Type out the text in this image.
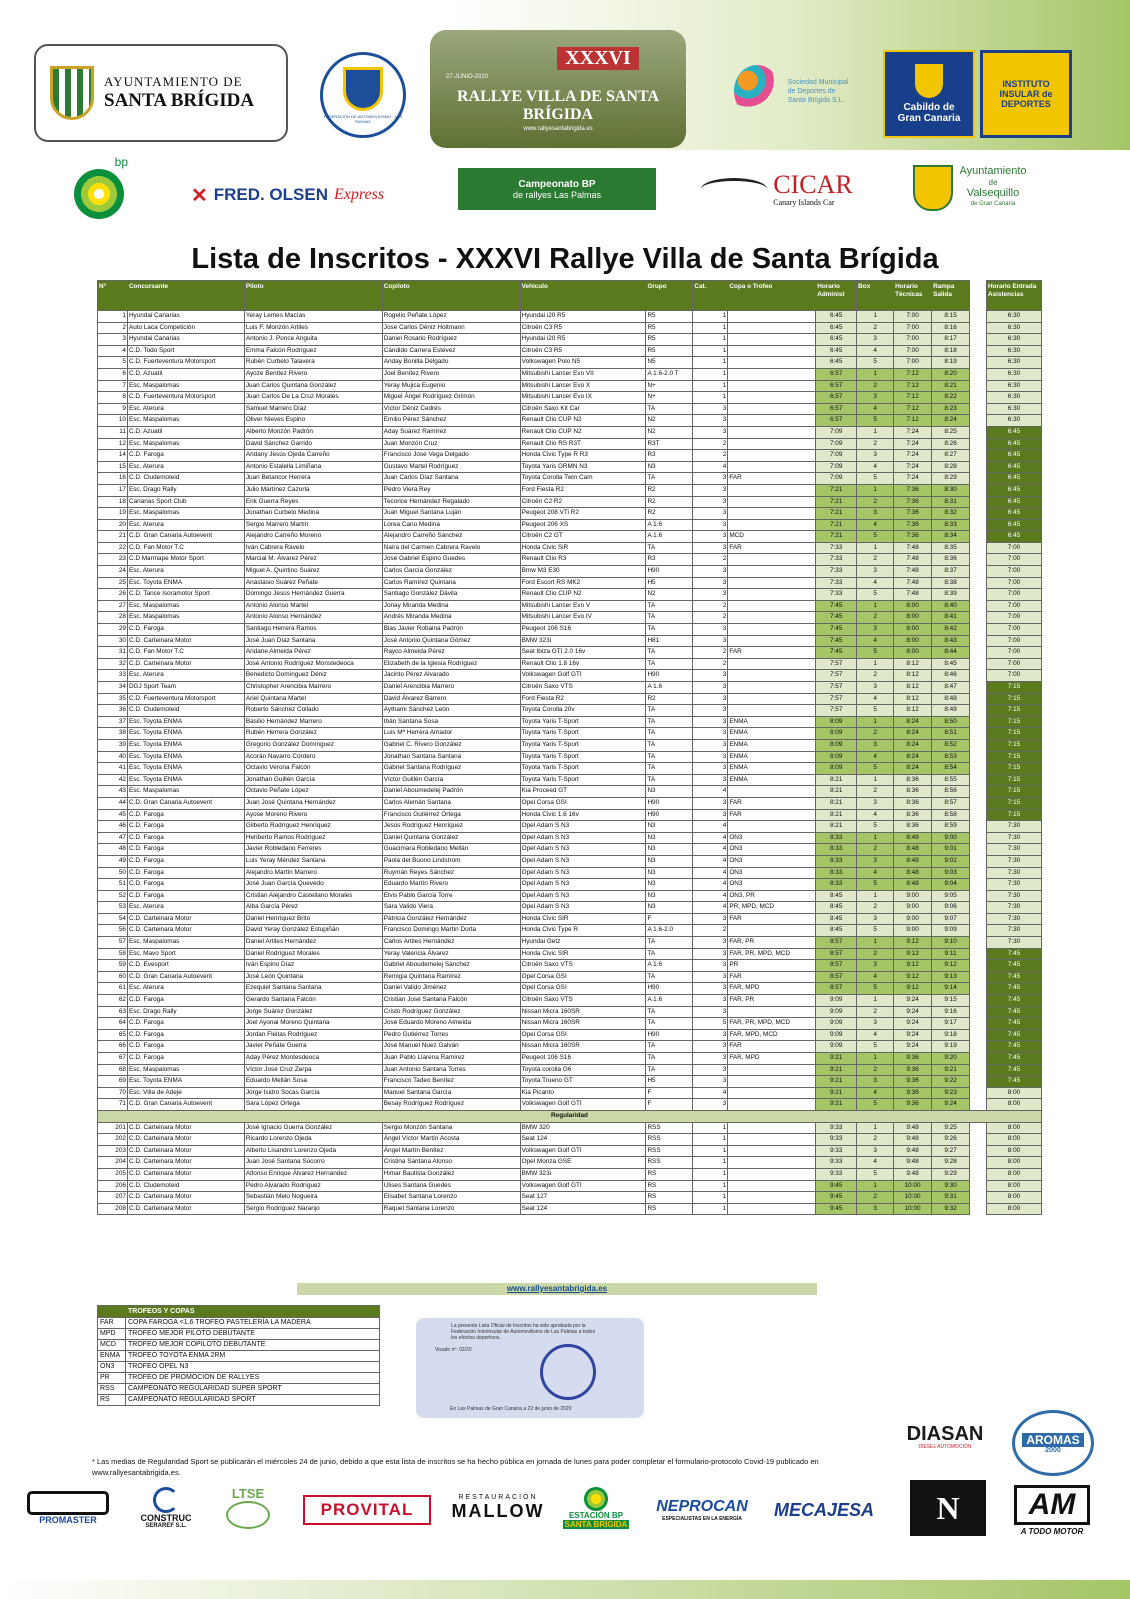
AYUNTAMIENTO DE
SANTA BRÍGIDA
FEDERACIÓN DE AUTOMOVILISMO · LAS PALMAS
XXXVI
27-JUNIO-2020
RALLYE VILLA DE SANTA BRÍGIDA
www.rallyesantabrigida.es
Sociedad Municipal
de Deportes de
Santa Brígida S.L.
Cabildo de
Gran Canaria
INSTITUTO
INSULAR de
DEPORTES
bp
✕ FRED. OLSEN Express
Campeonato BP
de rallyes Las Palmas	CICAR
Canary Islands Car
Ayuntamiento
de
Valsequillo
de Gran Canaria
Lista de Inscritos - XXXVI Rallye Villa de Santa Brígida
Nº	Concursante	Piloto	Copiloto	Vehículo	Grupo	Cat.	Copa o Trofeo	Horario Administ	Box	Horario Técnicas	Rampa Salida		Horario Entrada Asistencias
1	Hyundai Canarias	Yeray Lemes Macías	Rogelio Peñate López	Hyundai i20 R5	R5	1		6:45	1	7:00	8:15		6:30
2	Auto Laca Competición	Luis F. Monzón Artiles	José Carlos Déniz Holtmann	Citroën C3 R5	R5	1		6:45	2	7:00	8:16		6:30
3	Hyundai Canarias	Antonio J. Ponce Anguita	Daniel Rosario Rodríguez	Hyundai i20 R5	R5	1		6:45	3	7:00	8:17		6:30
4	C.D. Todo Sport	Emma Falcón Rodríguez	Cándido Carrera Estévez	Citroën C3 R5	R5	1		6:45	4	7:00	8:18		6:30
5	C.D. Fuerteventura Motorsport	Rubén Curbelo Talavera	Ariday Bonilla Delgado	Volkswagen Polo N5	N5	1		6:45	5	7:00	8:19		6:30
6	C.D. Azuatil	Ayoze Benítez Rivero	Joel Benítez Rivero	Mitsubishi Lancer Evo VII	A 1.6-2.0 T	1		6:57	1	7:12	8:20		6:30
7	Esc. Maspalomas	Juan Carlos Quintana González	Yeray Mujica Eugenio	Mitsubishi Lancer Evo X	N+	1		6:57	2	7:12	8:21		6:30
8	C.D. Fuerteventura Motorsport	Juan Carlos De La Cruz Morales	Miguel Ángel Rodríguez Grimón	Mitsubishi Lancer Evo IX	N+	1		6:57	3	7:12	8:22		6:30
9	Esc. Aterura	Samuel Marrero Díaz	Víctor Déniz Cedrés	Citroën Saxo Kit Car	TA	3		6:57	4	7:12	8:23		6:30
10	Esc. Maspalomas	Oliver Nieves Espino	Emilio Pérez Sánchez	Renault Clio CUP N2	N2	3		6:57	5	7:12	8:24		6:30
11	C.D. Azuatil	Alberto Monzón Padrón	Aday Suárez Ramírez	Renault Clio CUP N2	N2	3		7:09	1	7:24	8:25		6:45
12	Esc. Maspalomas	David Sánchez Garrido	Juan Monzón Cruz	Renault Clio RS R3T	R3T	2		7:09	2	7:24	8:26		6:45
14	C.D. Faroga	Aridany Jesús Ojeda Carreño	Francisco José Vega Delgado	Honda Civic Type R R3	R3	2		7:09	3	7:24	8:27		6:45
15	Esc. Aterura	Antonio Estalella Limiñana	Gustavo Martel Rodríguez	Toyota Yaris GRMN N3	N3	4		7:09	4	7:24	8:28		6:45
16	C.D. Cludemoteid	Juan Betancor Herrera	Juan Carlos Díaz Santana	Toyota Corolla Twin Cam	TA	3	FAR	7:09	5	7:24	8:29		6:45
17	Esc. Drago Rally	Julio Martínez Cazorla	Pedro Viera Rey	Ford Fiesta R2	R2	3		7:21	1	7:36	8:30		6:45
18	Canarias Sport Club	Erik Guerra Reyes	Tecorice Hernández Regalado	Citroën C2 R2	R2	3		7:21	2	7:36	8:31		6:45
19	Esc. Maspalomas	Jonathan Curbelo Medina	Juan Miguel Santana Luján	Peugeot 208 VTi R2	R2	3		7:21	3	7:36	8:32		6:45
20	Esc. Aterura	Sergio Marrero Martín	Lorea Cano Medina	Peugeot 206 XS	A 1.6	3		7:21	4	7:36	8:33		6:45
21	C.D. Gran Canaria Autoevent	Alejandro Carreño Moreno	Alejandro Carreño Sánchez	Citroën C2 GT	A 1.6	3	MCD	7:21	5	7:36	8:34		6:45
22	C.D. Fan Motor T.C	Iván Cabrera Ravelo	Naira del Carmen Cabrera Ravelo	Honda Civic SiR	TA	3	FAR	7:33	1	7:48	8:35		7:00
23	C.D Marmape Motor Sport	Marcial M. Álvarez Pérez	José Gabriel Espino Guedes	Renault Clio R3	R3	2		7:33	2	7:48	8:36		7:00
24	Esc. Aterura	Miguel A. Quintino Suárez	Carlos García González	Bmw M3 E30	H90	3		7:33	3	7:48	8:37		7:00
25	Esc. Toyota ENMA	Anastasio Suárez Peñate	Carlos Ramírez Quintana	Ford Escort RS MK2	H5	3		7:33	4	7:48	8:38		7:00
26	C.D. Tance Isoramotor Sport	Domingo Jesús Hernández Guerra	Santiago González Dávila	Renault Clio CUP N2	N2	3		7:33	5	7:48	8:39		7:00
27	Esc. Maspalomas	Antonio Alonso Martel	Jonay Miranda Medina	Mitsubishi Lancer Evo V	TA	2		7:45	1	8:00	8:40		7:00
28	Esc. Maspalomas	Antonio Alonso Hernández	Andrés Miranda Medina	Mitsubishi Lancer Evo IV	TA	2		7:45	2	8:00	8:41		7:00
29	C.D. Faroga	Santiago Herrera Ramos	Blas Javier Robaina Padrón	Peugeot 106 S16	TA	3		7:45	3	8:00	8:42		7:00
30	C.D. Carteinara Motor	José Juan Díaz Santana	José Antonio Quintana Gómez	BMW 323i	H81	3		7:45	4	8:00	8:43		7:00
31	C.D. Fan Motor T.C	Aridane Almeida Pérez	Rayco Almeida Pérez	Seat Ibiza GTI 2.0 16v	TA	2	FAR	7:45	5	8:00	8:44		7:00
32	C.D. Carteinara Motor	José Antonio Rodríguez Monstedeoca	Elizabeth de la Iglesia Rodríguez	Renault Clio 1.8 16v	TA	2		7:57	1	8:12	8:45		7:00
33	Esc. Aterura	Benedicto Domínguez Déniz	Jacinto Pérez Alvarado	Volkswagen Golf GTI	H90	3		7:57	2	8:12	8:46		7:00
34	DGJ Sport Team	Christopher Arencibia Marrero	Daniel Arencibia Marrero	Citroën Saxo VTS	A 1.6	3		7:57	3	8:12	8:47		7:15
35	C.D. Fuerteventura Motorsport	Ariel Quintana Martel	David Álvarez Barrero	Ford Fiesta R2	R2	3		7:57	4	8:12	8:48		7:15
36	C.D. Cludemoteid	Roberto Sánchez Collado	Aythami Sánchez León	Toyota Corolla 20v	TA	3		7:57	5	8:12	8:49		7:15
37	Esc. Toyota ENMA	Basilio Hernández Marrero	Ibán Santana Sosa	Toyota Yaris T-Sport	TA	3	ENMA	8:09	1	8:24	8:50		7:15
38	Esc. Toyota ENMA	Rubén Herrera González	Luis Mª Herrera Amador	Toyota Yaris T-Sport	TA	3	ENMA	8:09	2	8:24	8:51		7:15
39	Esc. Toyota ENMA	Gregorio González Domínguez	Gabriel C. Rivero González	Toyota Yaris T-Sport	TA	3	ENMA	8:09	3	8:24	8:52		7:15
40	Esc. Toyota ENMA	Acorán Navarro Cordero	Jonathan Santana Santana	Toyota Yaris T-Sport	TA	3	ENMA	8:09	4	8:24	8:53		7:15
41	Esc. Toyota ENMA	Octavio Verona Falcón	Gabriel Santana Rodríguez	Toyota Yaris T-Sport	TA	3	ENMA	8:09	5	8:24	8:54		7:15
42	Esc. Toyota ENMA	Jonathan Guillén García	Víctor Guillén García	Toyota Yaris T-Sport	TA	3	ENMA	8:21	1	8:36	8:55		7:15
43	Esc. Maspalomas	Octavio Peñate López	Daniel Aboumedelej Padrón	Kia Proceed GT	N3	4		8:21	2	8:36	8:56		7:15
44	C.D. Gran Canaria Autoevent	Juan José Quintana Hernández	Carlos Alemán Santana	Opel Corsa GSI	H90	3	FAR	8:21	3	8:36	8:57		7:15
45	C.D. Faroga	Ayose Moreno Rivero	Francisco Gutiérrez Ortega	Honda Civic 1.6 16v	H90	3	FAR	8:21	4	8:36	8:58		7:15
46	C.D. Faroga	Gilberto Rodríguez Henríquez	Jesús Rodríguez Henríquez	Opel Adam S N3	N3	4		8:21	5	8:36	8:59		7:30
47	C.D. Faroga	Heriberto Ramos Rodríguez	Daniel Quintana González	Opel Adam S N3	N3	4	ON3	8:33	1	8:48	9:00		7:30
48	C.D. Faroga	Javier Robledano Ferreres	Guacimara Robledano Mellán	Opel Adam S N3	N3	4	ON3	8:33	2	8:48	9:01		7:30
49	C.D. Faroga	Luis Yeray Méndez Santana	Paola del Buono Lindstrom	Opel Adam S N3	N3	4	ON3	8:33	3	8:48	9:02		7:30
50	C.D. Faroga	Alejandro Martín Marrero	Ruymán Reyes Sánchez	Opel Adam S N3	N3	4	ON3	8:33	4	8:48	9:03		7:30
51	C.D. Faroga	José Juan García Quevedo	Eduardo Martín Rivero	Opel Adam S N3	N3	4	ON3	8:33	5	8:48	9:04		7:30
52	C.D. Faroga	Cristian Alejandro Castellano Morales	Elvis Pablo García Torre	Opel Adam S N3	N3	4	ON3, PR	8:45	1	9:00	9:05		7:30
53	Esc. Aterura	Alba García Pérez	Sara Valido Viera	Opel Adam S N3	N3	4	PR, MPD, MCD	8:45	2	9:00	9:06		7:30
54	C.D. Carteinara Motor	Daniel Henríquez Brito	Patricia González Hernández	Honda Civic SIR	F	3	FAR	8:45	3	9:00	9:07		7:30
56	C.D. Carteinara Motor	David Yeray González Estupiñán	Francisco Domingo Martín Dorta	Honda Civic Type R	A 1.6-2.0	2		8:45	5	9:00	9:09		7:30
57	Esc. Maspalomas	Daniel Artiles Hernández	Carlos Artiles Hernández	Hyundai Getz	TA	3	FAR, PR	8:57	1	9:12	9:10		7:30
58	Esc. Mavo Sport	Daniel Rodríguez Morales	Yeray Valencia Álvarez	Honda Civic SIR	TA	3	FAR, PR, MPD, MCD	8:57	2	9:12	9:11		7:45
59	C.D. Evesport	Iván Espino Díaz	Gabriel Aboudemelej Sánchez	Citroën Saxo VTS	A 1.6	3	PR	8:57	3	9:12	9:12		7:45
60	C.D. Gran Canaria Autoevent	José León Quintana	Remigia Quintana Ramírez	Opel Corsa GSI	TA	3	FAR	8:57	4	9:12	9:13		7:45
61	Esc. Aterura	Ezequiel Santana Santana	Daniel Valido Jiménez	Opel Corsa GSI	H90	3	FAR, MPD	8:57	5	9:12	9:14		7:45
62	C.D. Faroga	Gerardo Santana Falcón	Cristian José Santana Falcón	Citroën Saxo VTS	A 1.6	3	FAR, PR	9:09	1	9:24	9:15		7:45
63	Esc. Drago Rally	Jorge Suárez González	Cristo Rodríguez González	Nissan Micra 160SR	TA	3		9:09	2	9:24	9:16		7:45
64	C.D. Faroga	Joel Ayonai Moreno Quintana	José Eduardo Moreno Almeida	Nissan Micra 160SR	TA	5	FAR, PR, MPD, MCD	9:09	3	9:24	9:17		7:45
65	C.D. Faroga	Jordan Fleitas Rodríguez	Pedro Gutiérrez Torres	Opel Corsa GSI	H90	3	FAR, MPD, MCD	9:09	4	9:24	9:18		7:45
66	C.D. Faroga	Javier Peñate Guerra	José Manuel Nuez Galván	Nissan Micra 160SR	TA	3	FAR	9:09	5	9:24	9:19		7:45
67	C.D. Faroga	Aday Pérez Montesdeoca	Juan Pablo Llarena Ramírez	Peugeot 106 S16	TA	3	FAR, MPD	9:21	1	9:36	9:20		7:45
68	Esc. Maspalomas	Víctor José Cruz Zerpa	Juan Antonio Santana Torres	Toyota corolla G6	TA	3		9:21	2	9:36	9:21		7:45
69	Esc. Toyota ENMA	Eduardo Mellán Sosa	Francisco Tadeo Benítez	Toyota Trueno GT	H5	3		9:21	3	9:36	9:22		7:45
70	Esc. Villa de Adeje	Jorge Isidro Socas García	Manuel Santana García	Kia Picanto	F	4		9:21	4	9:36	9:23		8:00
71	C.D. Gran Canaria Autoevent	Sara López Ortega	Besay Rodríguez Rodríguez	Volkswagen Golf GTI	F	3		9:21	5	9:36	9:24		8:00
Regularidad													
201	C.D. Carteinara Motor	José Ignacio Guerra González	Sergio Monzón Santana	BMW 320	RSS	1		9:33	1	9:48	9:25		8:00
202	C.D. Carteinara Motor	Ricardo Lorenzo Ojeda	Ángel Víctor Martín Acosta	Seat 124	RSS	1		9:33	2	9:48	9:26		8:00
203	C.D. Carteinara Motor	Alberto Lisandro Lorenzo Ojeda	Ángel Martín Benítez	Volkswagen Golf GTI	RSS	1		9:33	3	9:48	9:27		8:00
204	C.D. Carteinara Motor	Juan José Santana Socorro	Cristina Santana Alonso	Opel Monza GSE	RSS	1		9:33	4	9:48	9:28		8:00
205	C.D. Carteinara Motor	Alfonso Enrique Álvarez Hernández	Himar Bautista González	BMW 323i	RS	1		9:33	5	9:48	9:29		8:00
206	C.D. Cludemoteid	Pedro Alvarado Rodríguez	Ulises Santana Guedes	Volkswagen Golf GTI	RS	1		9:45	1	10:00	9:30		8:00
207	C.D. Carteinara Motor	Sebastián Melo Nogueira	Elisabet Santana Lorenzo	Seat 127	RS	1		9:45	2	10:00	9:31		8:00
208	C.D. Carteinara Motor	Sergio Rodríguez Naranjo	Raquel Santana Lorenzo	Seat 124	RS	1		9:45	3	10:00	9:32		8:00
www.rallyesantabrigida.es
	TROFEOS Y COPAS
FAR	COPA FAROGA <1.6 TROFEO PASTELERÍA LA MADERA
MPD	TROFEO MEJOR PILOTO DEBUTANTE
MCD	TROFEO MEJOR COPILOTO DEBUTANTE
ENMA	TROFEO TOYOTA ENMA 2RM
ON3	TROFEO OPEL N3
PR	TROFEO DE PROMOCIÓN DE RALLYES
RSS	CAMPEONATO REGULARIDAD SUPER SPORT
RS	CAMPEONATO REGULARIDAD SPORT
La presente Lista Oficial de Inscritos ha sido aprobada por la Federación Interinsular de Automovilismo de Las Palmas a todos los efectos deportivos.
Visado nº: 02/20
En Las Palmas de Gran Canaria a 22 de junio de 2020
* Las medias de Regularidad Sport se publicarán el miércoles 24 de junio, debido a que esta lista de inscritos se ha hecho pública en jornada de lunes para poder completar el formulario-protocolo Covid-19 publicado en www.rallyesantabrigida.es.
DIASAN
DIESEL AUTOMOCIÓN
AROMAS
2000
PROMASTER	CONSTRUC
SERAREF S.L.
LTSE
PROVITAL
RESTAURACIÓN
MALLOW	ESTACIÓN BP
SANTA BRÍGIDA
NEPROCAN
ESPECIALISTAS EN LA ENERGÍA	MECAJESA	N	AM
A TODO MOTOR
